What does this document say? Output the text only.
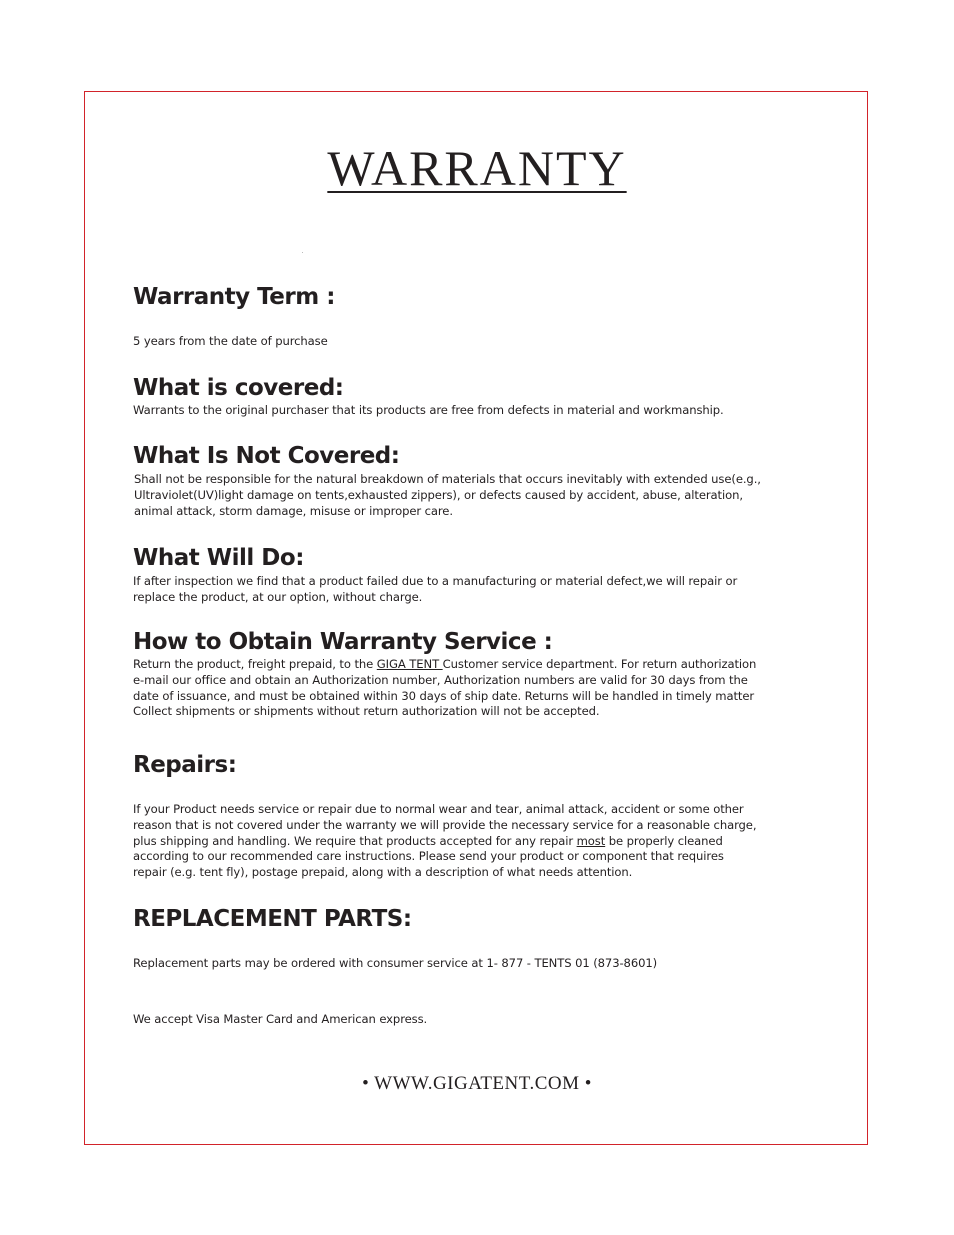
WARRANTY
Warranty Term :
5 years from the date of purchase
What is covered:
Warrants to the original purchaser that its products are free from defects in material and workmanship.
What Is Not Covered:
Shall not be responsible for the natural breakdown of materials that occurs inevitably with extended use(e.g.,
Ultraviolet(UV)light damage on tents,exhausted zippers), or defects caused by accident, abuse, alteration,
animal attack, storm damage, misuse or improper care.
What Will Do:
If after inspection we find that a product failed due to a manufacturing or material defect,we will repair or
replace the product, at our option, without charge.
How to Obtain Warranty Service :
Return the product, freight prepaid, to the GIGA TENT Customer service department. For return authorization
e-mail our office and obtain an Authorization number, Authorization numbers are valid for 30 days from the
date of issuance, and must be obtained within 30 days of ship date. Returns will be handled in timely matter
Collect shipments or shipments without return authorization will not be accepted.
Repairs:
If your Product needs service or repair due to normal wear and tear, animal attack, accident or some other
reason that is not covered under the warranty we will provide the necessary service for a reasonable charge,
plus shipping and handling. We require that products accepted for any repair most be properly cleaned
according to our recommended care instructions. Please send your product or component that requires
repair (e.g. tent fly), postage prepaid, along with a description of what needs attention.
REPLACEMENT PARTS:
Replacement parts may be ordered with consumer service at 1- 877 - TENTS 01 (873-8601)
We accept Visa Master Card and American express.
• WWW.GIGATENT.COM •
